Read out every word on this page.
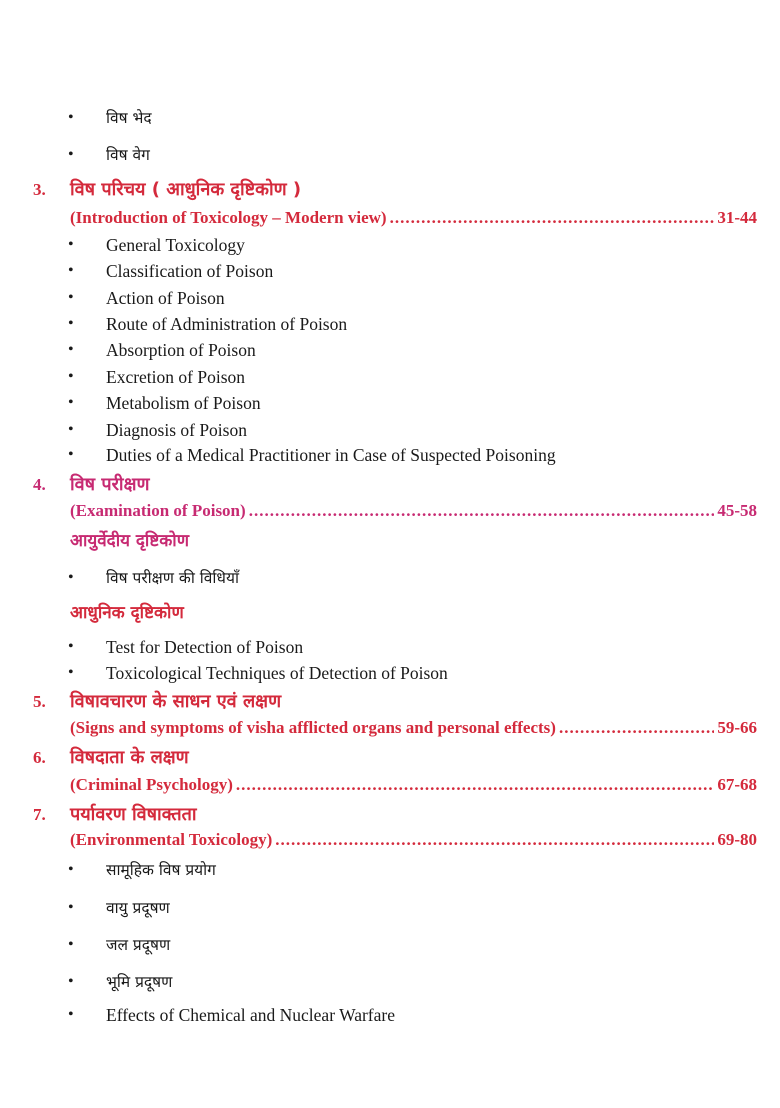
• विष भेद
• विष वेग
3. विष परिचय ( आधुनिक दृष्टिकोण )
(Introduction of Toxicology – Modern view) .....	31-44
• General Toxicology
• Classification of Poison
• Action of Poison
• Route of Administration of Poison
• Absorption of Poison
• Excretion of Poison
• Metabolism of Poison
• Diagnosis of Poison
• Duties of a Medical Practitioner in Case of Suspected Poisoning
4. विष परीक्षण
(Examination of Poison) .....	45-58
आयुर्वेदीय दृष्टिकोण
• विष परीक्षण की विधियाँ
आधुनिक दृष्टिकोण
• Test for Detection of Poison
• Toxicological Techniques of Detection of Poison
5. विषावचारण के साधन एवं लक्षण
(Signs and symptoms of visha afflicted organs and personal effects) .....	59-66
6. विषदाता के लक्षण
(Criminal Psychology) .....	67-68
7. पर्यावरण विषाक्तता
(Environmental Toxicology) .....	69-80
• सामूहिक विष प्रयोग
• वायु प्रदूषण
• जल प्रदूषण
• भूमि प्रदूषण
• Effects of Chemical and Nuclear Warfare
